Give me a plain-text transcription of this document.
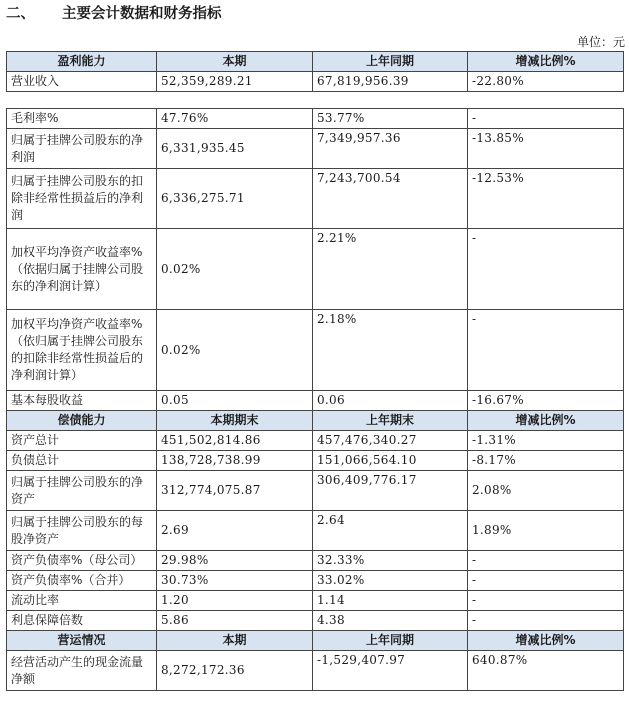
二、 主要会计数据和财务指标
单位：元
盈利能力	本期	上年同期	增减比例%
营业收入	52,359,289.21	67,819,956.39	-22.80%
毛利率%	47.76%	53.77%	-
归属于挂牌公司股东的净利润	6,331,935.45	7,349,957.36	-13.85%
归属于挂牌公司股东的扣除非经常性损益后的净利润	6,336,275.71	7,243,700.54	-12.53%
加权平均净资产收益率%（依据归属于挂牌公司股东的净利润计算）	0.02%	2.21%	-
加权平均净资产收益率%（依归属于挂牌公司股东的扣除非经常性损益后的净利润计算）	0.02%	2.18%	-
基本每股收益	0.05	0.06	-16.67%
偿债能力	本期期末	上年期末	增减比例%
资产总计	451,502,814.86	457,476,340.27	-1.31%
负债总计	138,728,738.99	151,066,564.10	-8.17%
归属于挂牌公司股东的净资产	312,774,075.87	306,409,776.17	2.08%
归属于挂牌公司股东的每股净资产	2.69	2.64	1.89%
资产负债率%（母公司）	29.98%	32.33%	-
资产负债率%（合并）	30.73%	33.02%	-
流动比率	1.20	1.14	-
利息保障倍数	5.86	4.38	-
营运情况	本期	上年同期	增减比例%
经营活动产生的现金流量净额	8,272,172.36	-1,529,407.97	640.87%
